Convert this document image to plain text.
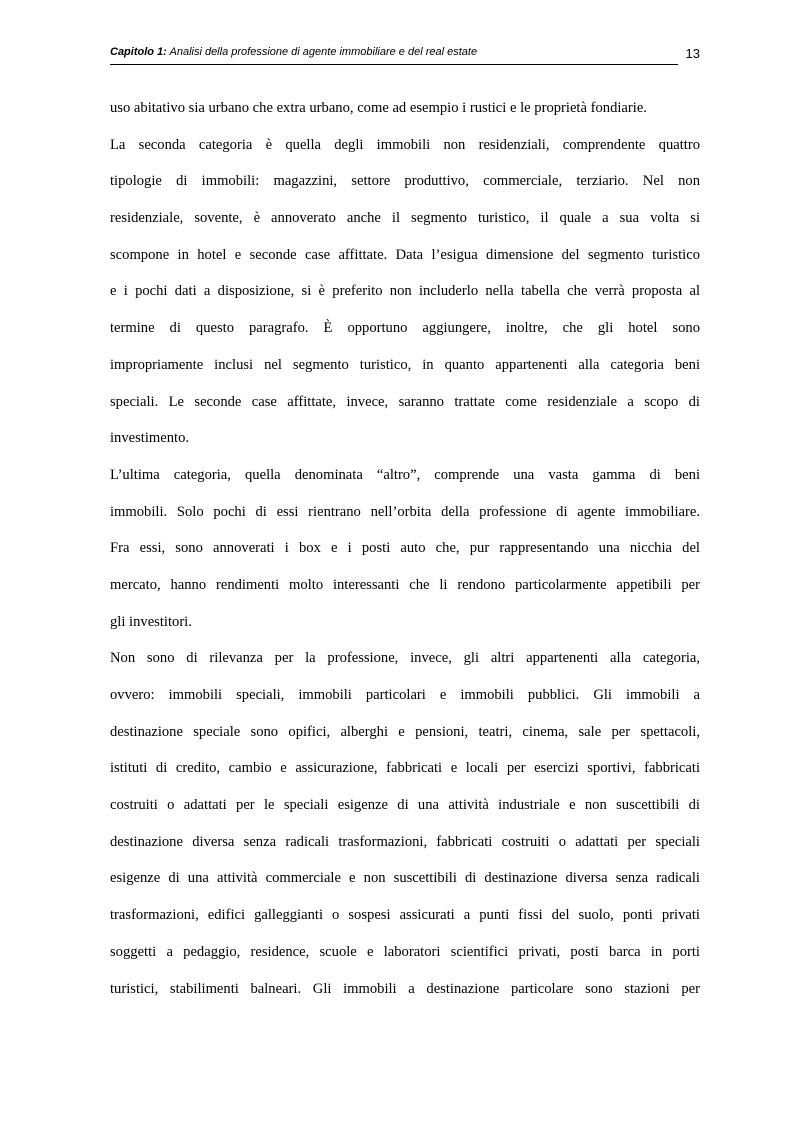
Capitolo 1: Analisi della professione di agente immobiliare e del real estate	13

uso abitativo sia urbano che extra urbano, come ad esempio i rustici e le proprietà fondiarie.

La seconda categoria è quella degli immobili non residenziali, comprendente quattro
tipologie di immobili: magazzini, settore produttivo, commerciale, terziario. Nel non
residenziale, sovente, è annoverato anche il segmento turistico, il quale a sua volta si
scompone in hotel e seconde case affittate. Data l’esigua dimensione del segmento turistico
e i pochi dati a disposizione, si è preferito non includerlo nella tabella che verrà proposta al
termine di questo paragrafo. È opportuno aggiungere, inoltre, che gli hotel sono
impropriamente inclusi nel segmento turistico, in quanto appartenenti alla categoria beni
speciali. Le seconde case affittate, invece, saranno trattate come residenziale a scopo di
investimento.

L’ultima categoria, quella denominata “altro”, comprende una vasta gamma di beni
immobili. Solo pochi di essi rientrano nell’orbita della professione di agente immobiliare.
Fra essi, sono annoverati i box e i posti auto che, pur rappresentando una nicchia del
mercato, hanno rendimenti molto interessanti che li rendono particolarmente appetibili per
gli investitori.

Non sono di rilevanza per la professione, invece, gli altri appartenenti alla categoria,
ovvero: immobili speciali, immobili particolari e immobili pubblici. Gli immobili a
destinazione speciale sono opifici, alberghi e pensioni, teatri, cinema, sale per spettacoli,
istituti di credito, cambio e assicurazione, fabbricati e locali per esercizi sportivi, fabbricati
costruiti o adattati per le speciali esigenze di una attività industriale e non suscettibili di
destinazione diversa senza radicali trasformazioni, fabbricati costruiti o adattati per speciali
esigenze di una attività commerciale e non suscettibili di destinazione diversa senza radicali
trasformazioni, edifici galleggianti o sospesi assicurati a punti fissi del suolo, ponti privati
soggetti a pedaggio, residence, scuole e laboratori scientifici privati, posti barca in porti
turistici, stabilimenti balneari. Gli immobili a destinazione particolare sono stazioni per
